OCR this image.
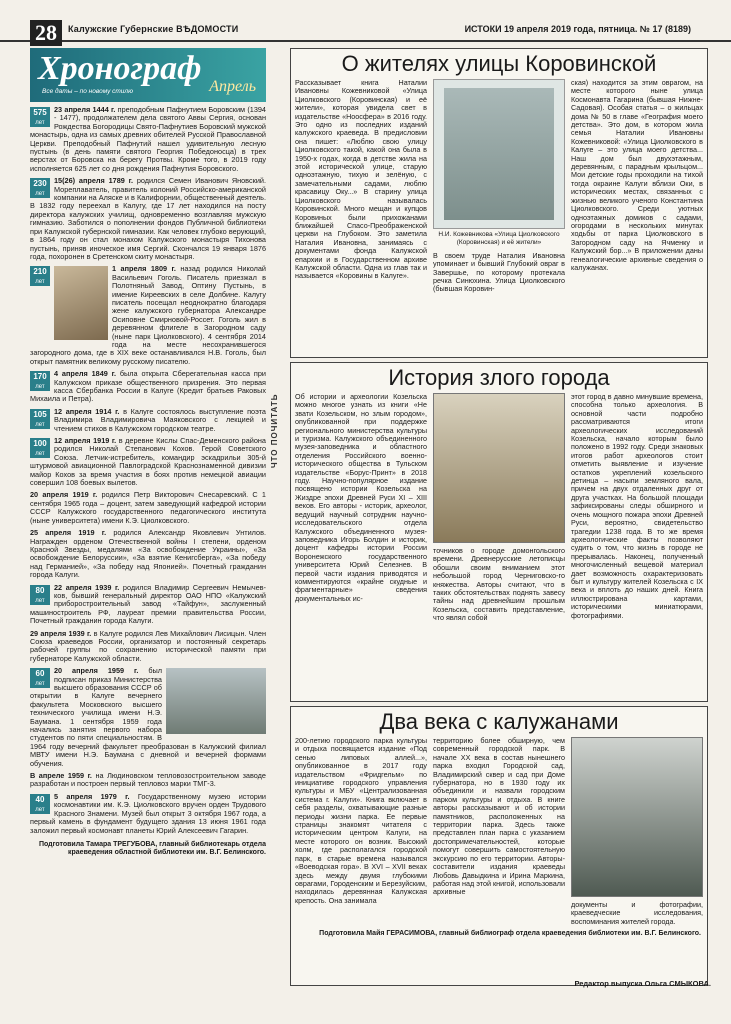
28	Калужские Губернские ВѢДОМОСТИ	ИСТОКИ 19 апреля 2019 года, пятница. № 17 (8189)
Хронограф
Все даты – по новому стилю	Апрель
575
лет
23 апреля 1444 г. преподобным Пафнутием Боровским (1394 - 1477), продолжателем дела святого Аввы Сергия, основан Рождества Богородицы Свято-Пафнутиев Боровский мужской монастырь, одна из самых древних обителей Русской Православной Церкви. Преподобный Пафнутий нашел удивительную лесную пустынь (в день памяти святого Георгия Победоносца) в трех верстах от Боровска на берегу Протвы. Кроме того, в 2019 году исполняется 625 лет со дня рождения Пафнутия Боровского.
230
лет
15(26) апреля 1789 г. родился Семен Иванович Яновский. Мореплаватель, правитель колоний Российско-американской компании на Аляске и в Калифорнии, общественный деятель. В 1832 году переехал в Калугу, где 17 лет находился на посту директора калужских училищ, одновременно возглавляя мужскую гимназию. Заботился о пополнении фондов Публичной библиотеки при Калужской губернской гимназии. Как человек глубоко верующий, в 1864 году он стал монахом Калужского монастыря Тихонова пустынь, приняв иноческое имя Сергий. Скончался 19 января 1876 года, похоронен в Сретенском скиту монастыря.
210
лет
1 апреля 1809 г. назад родился Николай Васильевич Гоголь. Писатель приезжал в Полотняный Завод, Оптину Пустынь, в имение Киреевских в селе Долбине. Калугу писатель посещал неоднократно благодаря жене калужского губернатора Александре Осиповне Смирновой-Россет. Гоголь жил в деревянном флигеле в Загородном саду (ныне парк Циолковского). 4 сентября 2014 года на месте несохранившегося загородного дома, где в XIX веке останавливался Н.В. Гоголь, был открыт памятник великому русскому писателю.
170
лет
4 апреля 1849 г. была открыта Сберегательная касса при Калужском приказе общественного призрения. Это первая касса Сбербанка России в Калуге (Кредит братьев Раковых Михаила и Петра).
105
лет
12 апреля 1914 г. в Калуге состоялось выступление поэта Владимира Владимировича Маяковского с лекцией и чтением стихов в Калужском городском театре.
100
лет
12 апреля 1919 г. в деревне Кислы Спас-Деменского района родился Николай Степанович Кохов. Герой Советского Союза. Летчик-истребитель, командир эскадрильи 305-й штурмовой авиационной Павлоградской Краснознаменной дивизии майор Кохов за время участия в боях против немецкой авиации совершил 108 боевых вылетов.
20 апреля 1919 г. родился Петр Викторович Снесаревский. С 1 сентября 1965 года – доцент, затем заведующий кафедрой истории СССР Калужского государственного педагогического института (ныне университета) имени К.Э. Циолковского.
25 апреля 1919 г. родился Александр Яковлевич Унтилов. Награжден орденом Отечественной войны I степени, орденом Красной Звезды, медалями «За освобождение Украины», «За освобождение Белоруссии», «За взятие Кенигсберга», «За победу над Германией», «За победу над Японией». Почетный гражданин города Калуги.
80
лет
22 апреля 1939 г. родился Владимир Сергеевич Немычев-ков, бывший генеральный директор ОАО НПО «Калужский приборостроительный завод «Тайфун», заслуженный машиностроитель РФ, лауреат премии правительства России, Почетный гражданин города Калуги.
29 апреля 1939 г. в Калуге родился Лев Михайлович Лисицын. Член Союза краеведов России, организатор и постоянный секретарь рабочей группы по сохранению исторической памяти при губернаторе Калужской области.
60
лет
20 апреля 1959 г. был подписан приказ Министерства высшего образования СССР об открытии в Калуге вечернего факультета Московского высшего технического училища имени Н.Э. Баумана. 1 сентября 1959 года начались занятия первого набора студентов по пяти специальностям. В 1964 году вечерний факультет преобразован в Калужский филиал МВТУ имени Н.Э. Баумана с дневной и вечерней формами обучения.
В апреле 1959 г. на Людиновском тепловозостроительном заводе разработан и построен первый тепловоз марки ТМГ-3.
40
лет
5 апреля 1979 г. Государственному музею истории космонавтики им. К.Э. Циолковского вручен орден Трудового Красного Знамени. Музей был открыт 3 октября 1967 года, а первый камень в фундамент будущего здания 13 июня 1961 года заложил первый космонавт планеты Юрий Алексеевич Гагарин.
Подготовила Тамара ТРЕГУБОВА, главный библиотекарь отдела краеведения областной библиотеки им. В.Г. Белинского.
ЧТО ПОЧИТАТЬ
О жителях улицы Коровинской
Рассказывает книга Наталии Ивановны Кожевниковой «Улица Циолковского (Коровинская) и её жители», которая увидела свет в издательстве «Ноосфера» в 2016 году. Это одно из последних изданий калужского краеведа. В предисловии она пишет: «Люблю свою улицу Циолковского такой, какой она была в 1950-х годах, когда в детстве жила на этой исторической улице, старую одноэтажную, тихую и зелёную, с замечательными садами, люблю красавицу Оку...» В старину улица Циолковского называлась Коровинской. Много мещан и купцов Коровиных были прихожанами ближайшей Спасо-Преображенской церкви на Глубоком. Это заметила Наталия Ивановна, занимаясь с документами фонда Калужской епархии и в Государственном архиве Калужской области. Одна из глав так и называется «Коровины в Калуге».
Н.И. Кожевникова «Улица Циолковского (Коровинская) и её жители»
В своем труде Наталия Ивановна упоминает и бывший Глубокий овраг в Завершье, по которому протекала речка Синюхина. Улица Циолковского (бывшая Коровин-
ская) находится за этим оврагом, на месте которого ныне улица Космонавта Гагарина (бывшая Нижне-Садовая). Особая статья – о жильцах дома № 50 в главе «География моего детства». Это дом, в котором жила семья Наталии Ивановны Кожевниковой: «Улица Циолковского в Калуге – это улица моего детства... Наш дом был двухэтажным, деревянным, с парадным крыльцом... Мои детские годы проходили на тихой тогда окраине Калуги вблизи Оки, в исторических местах, связанных с жизнью великого ученого Константина Циолковского. Среди уютных одноэтажных домиков с садами, огородами в нескольких минутах ходьбы от парка Циолковского в Загородном саду на Ячменку и Калужский бор...» В приложении даны генеалогические архивные сведения о калужанах.
История злого города
Об истории и археологии Козельска можно многое узнать из книги «Не звати Козельском, но злым городом», опубликованной при поддержке регионального министерства культуры и туризма. Калужского объединенного музея-заповедника и областного отделения Российского военно-исторического общества в Тульском издательстве «Борус-Принт» в 2018 году. Научно-популярное издание посвящено истории Козельска на Жиздре эпохи Древней Руси XI – XIII веков. Его авторы - историк, археолог, ведущий научный сотрудник научно-исследовательского отдела Калужского объединенного музея-заповедника Игорь Болдин и историк, доцент кафедры истории России Воронежского государственного университета Юрий Селезнев. В первой части издания приводятся и комментируются «крайне скудные и фрагментарные» сведения документальных ис-
точников о городе домонгольского времени. Древнерусские летописцы обошли своим вниманием этот небольшой город Черниговско-го княжества. Авторы считают, что в таких обстоятельствах поднять завесу тайны над древнейшим прошлым Козельска, составить представление, что являл собой
этот город в давно минувшие времена, способна только археология. В основной части подробно рассматриваются итоги археологических исследований Козельска, начало которым было положено в 1992 году. Среди знаковых итогов работ археологов стоит отметить выявление и изучение остатков укреплений козельского детинца – насыпи земляного вала, причем на двух отдаленных друг от друга участках. На большой площади зафиксированы следы обширного и очень мощного пожара эпохи Древней Руси, вероятно, свидетельство трагедии 1238 года. В то же время археологические факты позволяют судить о том, что жизнь в городе не прерывалась. Наконец, полученный многочисленный вещевой материал дает возможность охарактеризовать быт и культуру жителей Козельска с IX века и вплоть до наших дней. Книга иллюстрирована картами, историческими миниатюрами, фотографиями.
Два века с калужанами
200-летию городского парка культуры и отдыха посвящается издание «Под сенью липовых аллей...», опубликованное в 2017 году издательством «Фридгельм» по инициативе городского управления культуры и МБУ «Централизованная система г. Калуги». Книга включает в себя разделы, охватывающие разные периоды жизни парка. Ее первые страницы знакомят читателя с историческим центром Калуги, на месте которого он возник. Высокий холм, где располагался городской парк, в старые времена назывался «Воеводская гора». В XVI – XVII веках здесь между двумя глубокими оврагами, Городенским и Березуйским, находилась деревянная Калужская крепость. Она занимала
территорию более обширную, чем современный городской парк. В начале XX века в состав нынешнего парка входил Городской сад, Владимирский сквер и сад при Доме губернатора, но в 1930 году их объединили и назвали городским парком культуры и отдыха. В книге авторы рассказывают и об истории памятников, расположенных на территории парка. Здесь также представлен план парка с указанием достопримечательностей, которые помогут совершить самостоятельную экскурсию по его территории. Авторы-составители издания краеведы Любовь Давыдкина и Ирина Маркина, работая над этой книгой, использовали архивные
документы и фотографии, краеведческие исследования, воспоминания жителей города.
Подготовила Майя ГЕРАСИМОВА, главный библиограф отдела краеведения библиотеки им. В.Г. Белинского.
Редактор выпуска Ольга СМЫКОВА.
